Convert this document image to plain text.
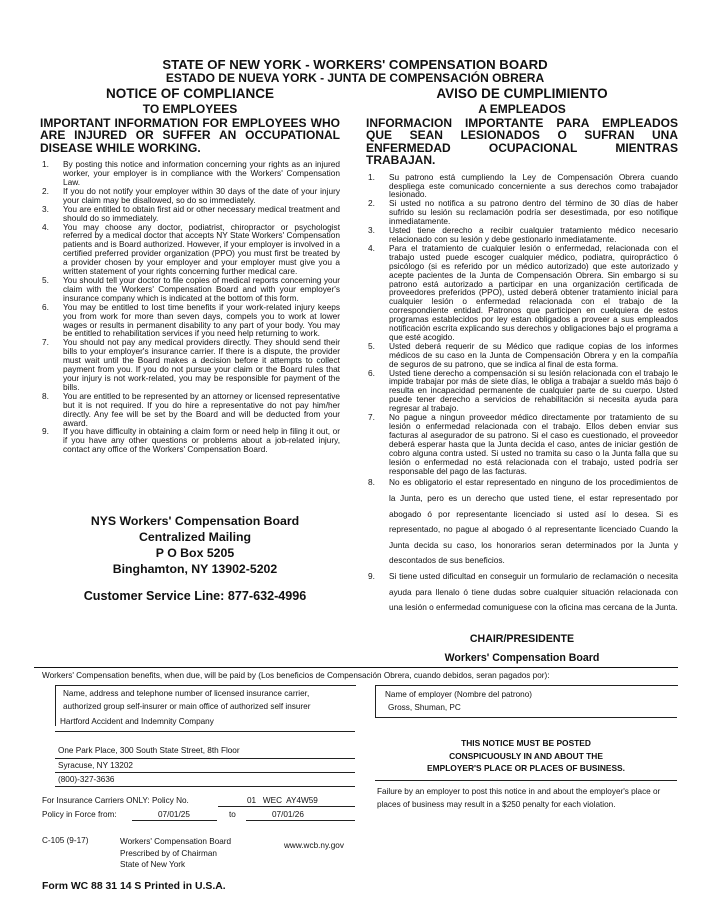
STATE OF NEW YORK - WORKERS' COMPENSATION BOARD
ESTADO DE NUEVA YORK - JUNTA DE COMPENSACIÓN OBRERA
NOTICE OF COMPLIANCE
TO EMPLOYEES
IMPORTANT INFORMATION FOR EMPLOYEES WHO ARE INJURED OR SUFFER AN OCCUPATIONAL DISEASE WHILE WORKING.
1. By posting this notice and information concerning your rights as an injured worker, your employer is in compliance with the Workers' Compensation Law.
2. If you do not notify your employer within 30 days of the date of your injury your claim may be disallowed, so do so immediately.
3. You are entitled to obtain first aid or other necessary medical treatment and should do so immediately.
4. You may choose any doctor, podiatrist, chiropractor or psychologist referred by a medical doctor that accepts NY State Workers' Compensation patients and is Board authorized. However, if your employer is involved in a certified preferred provider organization (PPO) you must first be treated by a provider chosen by your employer and your employer must give you a written statement of your rights concerning further medical care.
5. You should tell your doctor to file copies of medical reports concerning your claim with the Workers' Compensation Board and with your employer's insurance company which is indicated at the bottom of this form.
6. You may be entitled to lost time benefits if your work-related injury keeps you from work for more than seven days, compels you to work at lower wages or results in permanent disability to any part of your body. You may be entitled to rehabilitation services if you need help returning to work.
7. You should not pay any medical providers directly. They should send their bills to your employer's insurance carrier. If there is a dispute, the provider must wait until the Board makes a decision before it attempts to collect payment from you. If you do not pursue your claim or the Board rules that your injury is not work-related, you may be responsible for payment of the bills.
8. You are entitled to be represented by an attorney or licensed representative but it is not required. If you do hire a representative do not pay him/her directly. Any fee will be set by the Board and will be deducted from your award.
9. If you have difficulty in obtaining a claim form or need help in filing it out, or if you have any other questions or problems about a job-related injury, contact any office of the Workers' Compensation Board.
NYS Workers' Compensation Board
Centralized Mailing
P O Box 5205
Binghamton, NY 13902-5202
Customer Service Line: 877-632-4996
AVISO DE CUMPLIMIENTO
A EMPLEADOS
INFORMACION IMPORTANTE PARA EMPLEADOS QUE SEAN LESIONADOS O SUFRAN UNA ENFERMEDAD OCUPACIONAL MIENTRAS TRABAJAN.
1. Su patrono está cumpliendo la Ley de Compensación Obrera cuando despliega este comunicado concerniente a sus derechos como trabajador lesionado.
2. Si usted no notifica a su patrono dentro del término de 30 días de haber sufrido su lesión su reclamación podría ser desestimada, por eso notifique inmediatamente.
3. Usted tiene derecho a recibir cualquier tratamiento médico necesario relacionado con su lesión y debe gestionarlo inmediatamente.
4. Para el tratamiento de cualquier lesión o enfermedad, relacionada con el trabajo usted puede escoger cualquier médico, podiatra, quiropráctico ó psicólogo (si es referido por un médico autorizado) que este autorizado y acepte pacientes de la Junta de Compensación Obrera. Sin embargo si su patrono está autorizado a participar en una organización certificada de proveedores preferidos (PPO), usted deberá obtener tratamiento inicial para cualquier lesión o enfermedad relacionada con el trabajo de la correspondiente entidad. Patronos que participen en cuelquiera de estos programas establecidos por ley estan obligados a proveer a sus empleados notificación escrita explicando sus derechos y obligaciones bajo el programa a que esté acogido.
5. Usted deberá requerir de su Médico que radique copias de los informes médicos de su caso en la Junta de Compensación Obrera y en la compañía de seguros de su patrono, que se indica al final de esta forma.
6. Usted tiene derecho a compensación si su lesión relacionada con el trabajo le impide trabajar por más de siete días, le obliga a trabajar a sueldo más bajo ó resulta en incapacidad permanente de cualquier parte de su cuerpo. Usted puede tener derecho a servicios de rehabilitación si necesita ayuda para regresar al trabajo.
7. No pague a ningun proveedor médico directamente por tratamiento de su lesión o enfermedad relacionada con el trabajo. Ellos deben enviar sus facturas al asegurador de su patrono. Si el caso es cuestionado, el proveedor deberá esperar hasta que la Junta decida el caso, antes de iniciar gestión de cobro alguna contra usted. Si usted no tramita su caso o la Junta falla que su lesión o enfermedad no está relacionada con el trabajo, usted podría ser responsable del pago de las facturas.
8. No es obligatorio el estar representado en ninguno de los procedimientos de la Junta, pero es un derecho que usted tiene, el estar representado por abogado ó por representante licenciado si usted así lo desea. Si es representado, no pague al abogado ó al representante licenciado Cuando la Junta decida su caso, los honorarios seran determinados por la Junta y descontados de sus beneficios.
9. Si tiene usted dificultad en conseguir un formulario de reclamación o necesita ayuda para llenalo ó tiene dudas sobre cualquier situación relacionada con una lesión o enfermedad comuniguese con la oficina mas cercana de la Junta.
CHAIR/PRESIDENTE
Workers' Compensation Board
Workers' Compensation benefits, when due, will be paid by (Los beneficios de Compensación Obrera, cuando debidos, seran pagados por):
Name, address and telephone number of licensed insurance carrier,
authorized group self-insurer or main office of authorized self insurer
Hartford Accident and Indemnity Company
One Park Place, 300 South State Street, 8th Floor
Syracuse, NY 13202
(800)-327-3636
For Insurance Carriers ONLY: Policy No.	01   WEC  AY4W59
Policy in Force from:	07/01/25	to	07/01/26
Name of employer (Nombre del patrono)
Gross, Shuman, PC
THIS NOTICE MUST BE POSTED
CONSPICUOUSLY IN AND ABOUT THE
EMPLOYER'S PLACE OR PLACES OF BUSINESS.
Failure by an employer to post this notice in and about the employer's place or places of business may result in a $250 penalty for each violation.
C-105 (9-17)	Workers' Compensation Board
Prescribed by of Chairman
State of New York
www.wcb.ny.gov
Form WC 88 31 14 S Printed in U.S.A.
